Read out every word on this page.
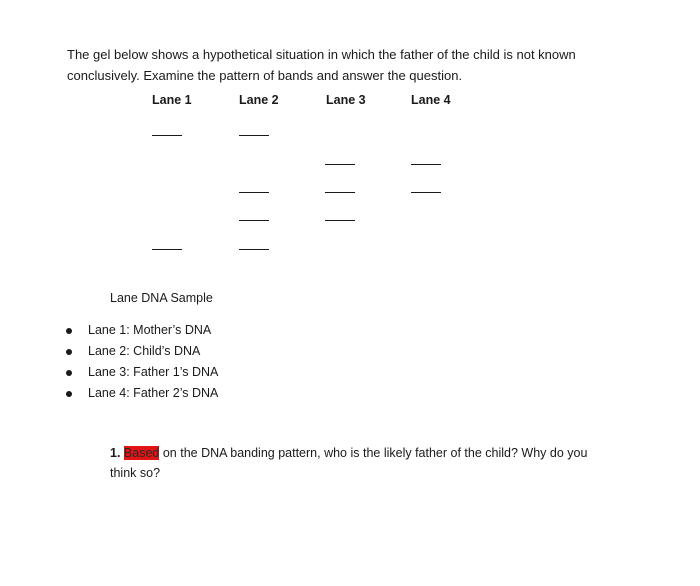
The gel below shows a hypothetical situation in which the father of the child is not known conclusively. Examine the pattern of bands and answer the question.

Lane 1	Lane 2	Lane 3	Lane 4

Lane DNA Sample

Lane 1: Mother’s DNA
Lane 2: Child’s DNA
Lane 3: Father 1’s DNA
Lane 4: Father 2’s DNA

1. Based on the DNA banding pattern, who is the likely father of the child? Why do you think so?
